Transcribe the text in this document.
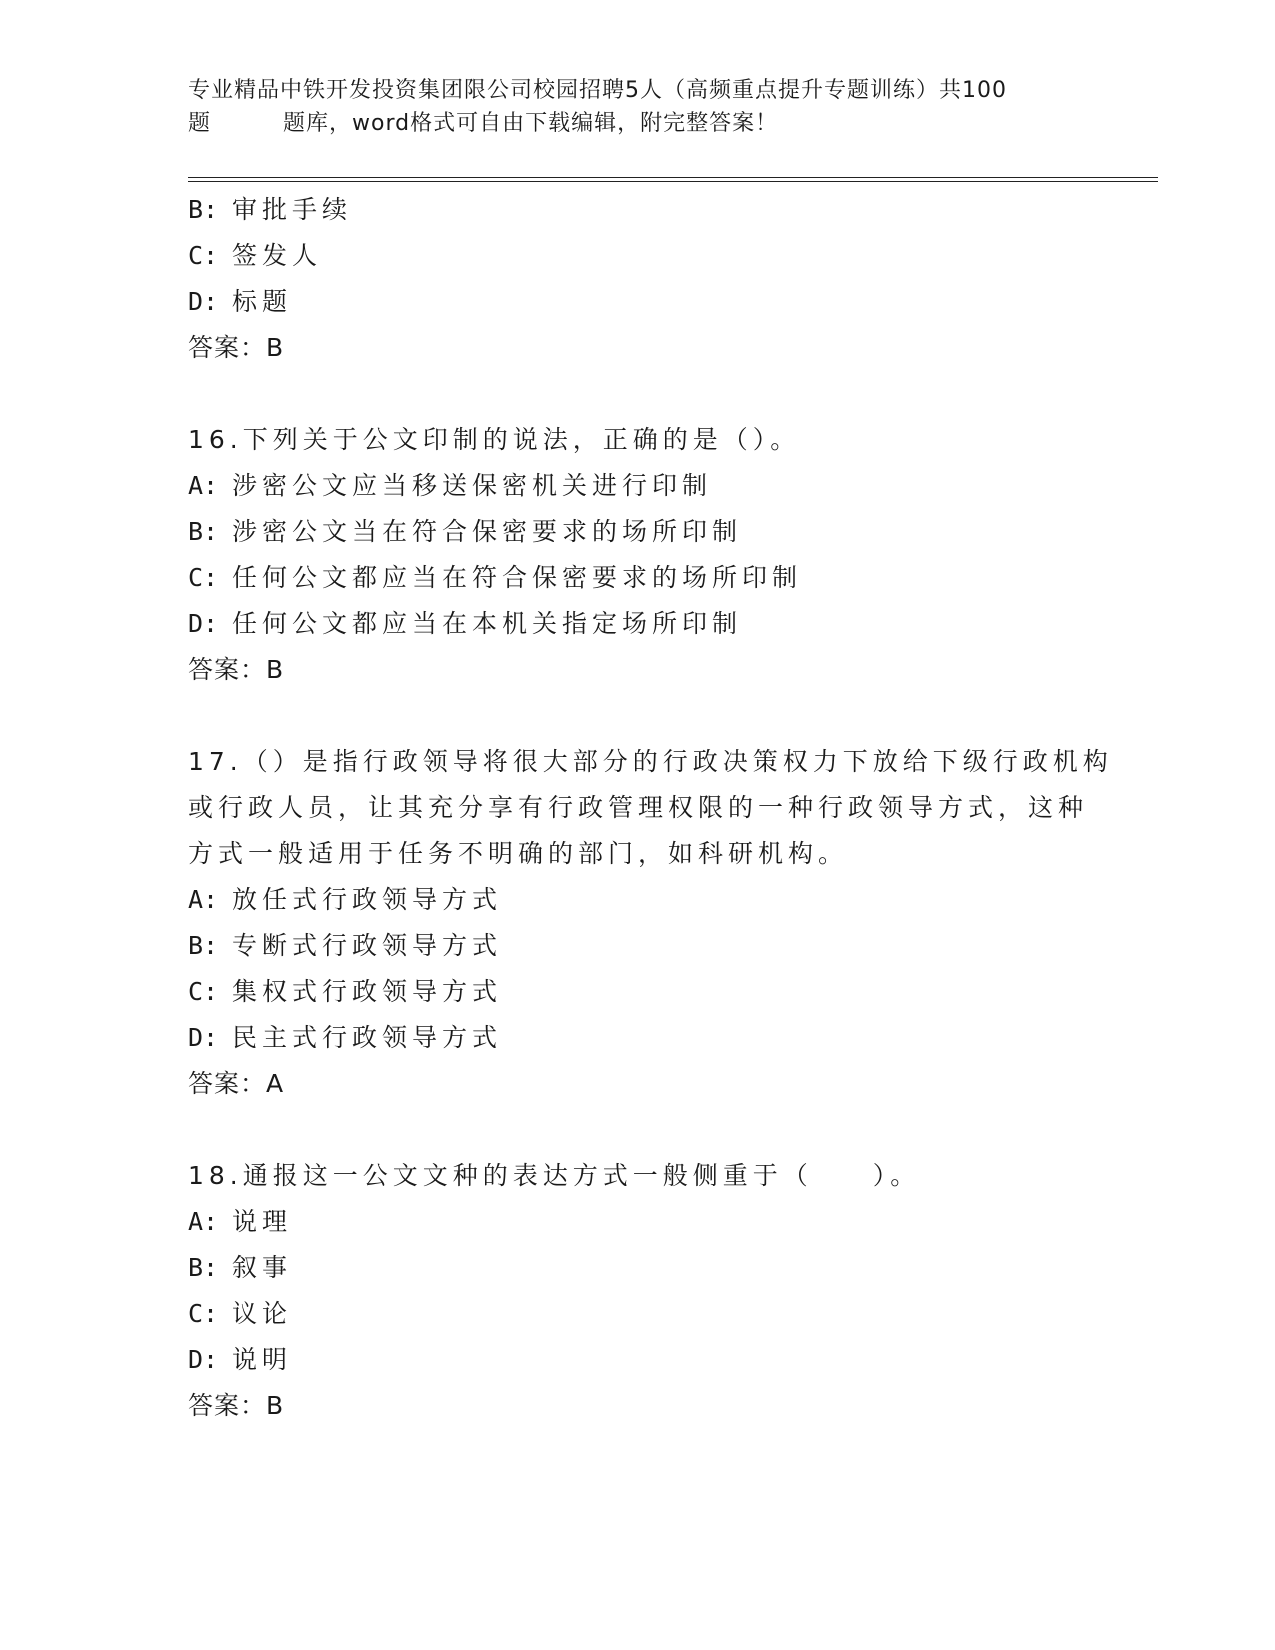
专业精品中铁开发投资集团限公司校园招聘5人（高频重点提升专题训练）共100
题	题库，word格式可自由下载编辑，附完整答案！
B: 审批手续
C: 签发人
D: 标题
答案：B
16.下列关于公文印制的说法，正确的是（）。
A: 涉密公文应当移送保密机关进行印制
B: 涉密公文当在符合保密要求的场所印制
C: 任何公文都应当在符合保密要求的场所印制
D: 任何公文都应当在本机关指定场所印制
答案：B
17.（）是指行政领导将很大部分的行政决策权力下放给下级行政机构
或行政人员，让其充分享有行政管理权限的一种行政领导方式，这种
方式一般适用于任务不明确的部门，如科研机构。
A: 放任式行政领导方式
B: 专断式行政领导方式
C: 集权式行政领导方式
D: 民主式行政领导方式
答案：A
18.通报这一公文文种的表达方式一般侧重于（　　）。
A: 说理
B: 叙事
C: 议论
D: 说明
答案：B
